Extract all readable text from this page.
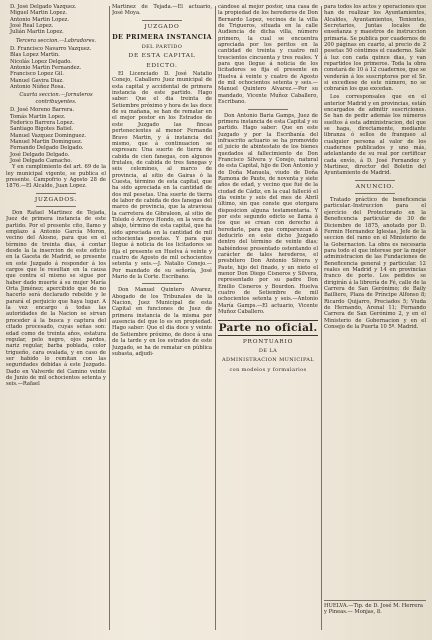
D. José Delgado Vazquez.

Miguel Martin Lopez.

Antonio Martin Lopez.

José Real Lopez.

Julián Martin Lopez.

Tercera seccion.—Labradores.

D. Francisco Navarro Vazquez.

Blas Lopez Martin.

Nicolás Lopez Delgado.

Antonio Martin Fernandez.

Francisco Lopez Gil.

Manuel Gavira Diaz.

Antonio Núñez Rosa.

Cuarta seccion.—Jornaleros contribuyentes.

D. José Moreno Barrera.

Tomás Martin Lopez.

Federico Barrera Lopez.

Santiago Bigotes Batiel.

Manuel Vazquez Dominguez.

Manuel Martin Dominguez.

Fernando Delgado Delgado.

José Delgado Delgado.

José Delgado Camacho.

Y en cumplimiento del art. 69 de la ley municipal vigente, se publica el presente. Campofrio y Agosto 28 de 1876.—El Alcalde, Juan Lopez.

JUZGADOS.

Don Rafael Martinez de Tejada, Juez de primera instancia de este partido. Por el presente cito, llamo y emplazo á Antonio García Moron, vecino del Alosno, para que en el término de treinta dias, á contar desde la la insercion de este edicto en la Gaceta de Madrid, se presente en este Juzgado á responder á los cargos que le resultan en la causa que contra el mismo se sigue por haber dado muerte á su mujer María Orta Jiménez; apercibido que de no hacerlo será declarado rebelde y le parará el perjuicio que haya lugar. A la vez encargo á todas las autoridades de la Nacion se sirvan proceder á la busca y captura del citado procesado, cuyas señas son: edad como de treinta años, estatura regular, pelo negro, ojos pardos, nariz regular, barba poblada, color trigueño, cara ovalada, y en caso de ser habido lo remitan con las seguridades debidas á este Juzgado. Dado en Valverde del Camino veinte de Junio de mil ochocientos setenta y seis.—Rafael

Martinez de Tejada.—El actuario, José Moya.

JUZGADO
DE PRIMERA INSTANCIA
DEL PARTIDO
DE ESTA CAPITAL
EDICTO.

El Licenciado D. José Natalio Conejo, Caballero Juez municipal de esta capital y accidental de primera instancia de este partido. Hago saber: Que el dia treinta de Setiembre próximo y hora de las doce de su mañana, se han de rematar en el mejor postor en los Estrados de este Juzgado las fincas pertenecientes al menor Fernanda Bravo Martin, y á instancia del mismo, que á continuacion se expresan: Una suerte de tierra de cabida de cien fanegas, con algunos frutales, de cabida de tres fanegas y seis celemines, al marco de provincia, al sitio de Gairas ó la Cuesta, término de esta capital, que ha sido apreciada en la cantidad de dos mil pesetas. Una suerte de tierra de labor de cabida de dos fanegas del marco de provincia, que la atraviesa la carretera de Gibraleon, al sitio de Toledo ó Arroyo Hondo, en la vera de abajo, término de esta capital, que ha sido apreciada en la cantidad de mil ochocientas pesetas. Y para que llegue á noticia de los licitadores se fija el presente en Huelva á veinte y cuatro de Agosto de mil ochocientos setenta y seis.—J. Natalio Conejo.—Por mandado de su señoría, José Mario de la Corte. Escribano.

Don Manuel Quintero Alvarez, Abogado de los Tribunales de la Nacion, Juez Municipal de esta Capital en funciones de Juez de primera instancia de la misma por ausencia del que lo es en propiedad. Hago saber: Que el dia doce y veinte de Setiembre próximo, de doce á una de la tarde y en los estrados de este Juzgado, se ha de rematar en pública subasta, adjudi-

cándose al mejor postor, una casa de la propiedad de los herederos de Don Bernardo Lopez, vecinos de la villa de Trigueros, situada en la calle Audiencia de dicha villa, número primero, la cual se encuentra apreciada por los peritos en la cantidad de treinta y cuatro mil trescientos cincuenta y tres reales. Y para que llegue á noticia de los licitadores se fija el presente en Huelva á veinte y cuatro de Agosto de mil ochocientos setenta y seis.—Manuel Quintero Alvarez.—Por su mandado, Vicente Muñoz Caballero, Escribano.

Don Antonio Baria Gamps, Juez de primera instancia de esta Capital y su partido. Hago saber: Que en este Juzgado y por la Escribanía del infrascrito actuario se ha promovido el juicio de abintestato de los bienes quedados al fallecimiento de Don Francisco Silvera y Conejo, natural de esta Capital, hijo de Don Antonio y de Doña Manuela, viudo de Doña Ramona de Paute, de noventa y siete años de edad, y vecino que fué de la ciudad de Cádiz, en la cual falleció el dia veinte y seis del mes de Abril último, sin que conste que otorgara disposicion alguna testamentaria. Y por este segundo edicto se llama á los que se crean con derecho á heredarle, para que comparezcan á deducirlo en este dicho Juzgado dentro del término de veinte dias; habiéndose presentado ostentando el carácter de tales herederos, el presbítero Don Antonio Silvera y Paute, hijo del finado, y un nieto el menor Don Diego Cisneros y Silvera, representado por su padre Don Emilio Cisneros y Bourdon. Huelva cuatro de Setiembre de mil ochocientos setenta y seis.—Antonio María Gamps.—El actuario, Vicente Muñoz Caballero.

Parte no oficial.
PRONTUARIO
DE LA
ADMINISTRACION MUNICIPAL
con modelos y formularios

para todos los actos y operaciones que han de realizar los Ayuntamientos, Alcaldes, Ayuntamientos, Tenientes, Secretarios, Juntas locales de enseñanza y maestros de instruccion primaria. Se publica por cuadernos de 200 páginas en cuarto, al precio de 2 pesetas 50 céntimos el cuaderno. Sale á luz con cada quince dias, y van repartidos los primeros. Toda la obra constará de 10 á 12 cuadernos, que se venderán á los suscriptores por el Sr. si excediese de este número, no se cobrarán los que excedan.

Los corresponsales que en el anterior Madrid y en provincias, están encargados de admitir suscriciones. Se han de pedir además los números sueltos á esta administracion, del que se haga, directamente, mediante libranza ó sellos de franqueo al cualquier persona al valor de los cuadernos publicados y uno más, adelantando de su real por certificar cada envío, á D. José Fernandez y Martinez, director del Boletin del Ayuntamiento de Madrid.

ANUNCIO.

Tratado práctico de beneficencia particular.-Instruccion para el ejercicio del Protectorado en la Beneficencia particular de 30 de Diciembre de 1875, anotado por D. Fermin Hernandez Iglesias, Jefe de la seccion del ramo en el Ministerio de la Gobernacion. La obra es necesaria para todo el que interese por la mejor administracion de las Fundaciones de Beneficencia general y particular. 12 reales en Madrid y 14 en provincias franco de porte. Los pedidos se dirigirán á la librería de Fé, calle de la Carrera de San Gerónimo; de Baily Bailliere, Plaza de Príncipe Alfonso 8; Ricardo Quijarro, Preciados 5; Viuda de Hernando, Arenal 11; Fernando Carrera de San Gerónimo 2, y en el Ministerio de Gobernacion y en el Consejo de la Puerta 10 5º. Madrid.

HUELVA.—Tip. de D. José M. Herrera y Pineas.— Monjas, 8.
